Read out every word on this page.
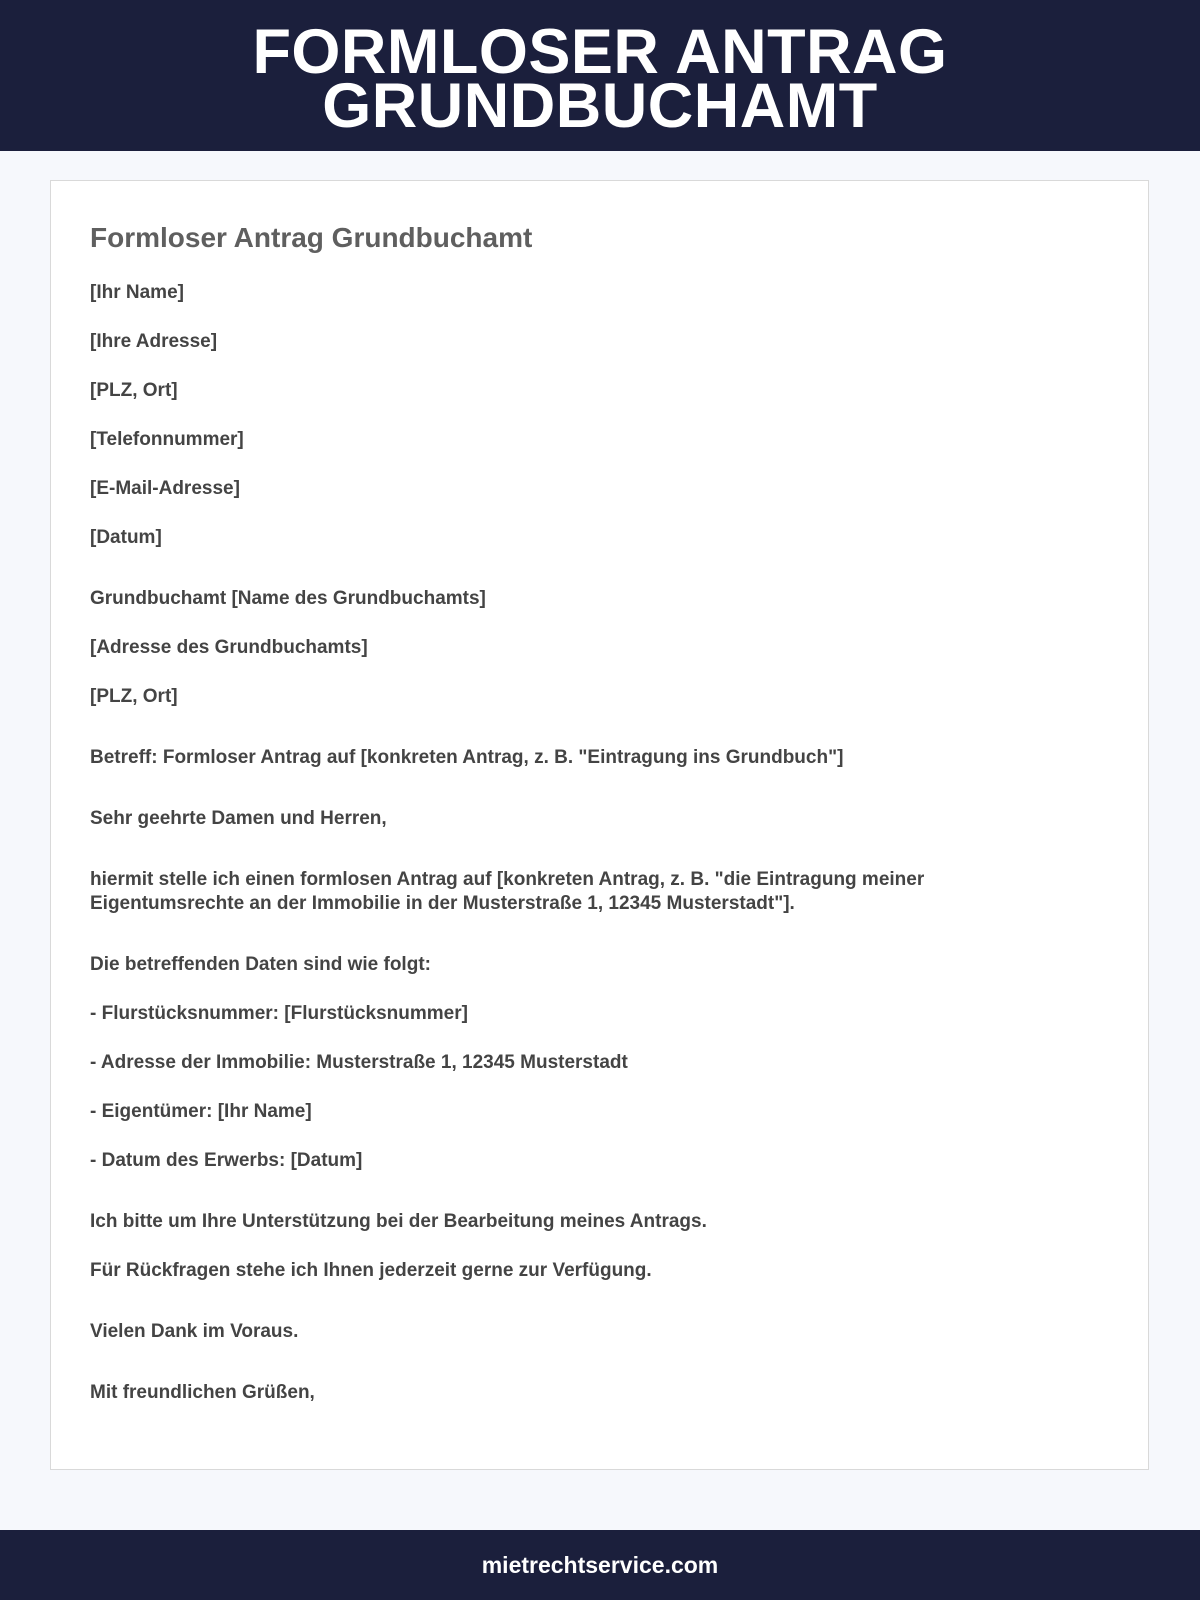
FORMLOSER ANTRAG
GRUNDBUCHAMT
Formloser Antrag Grundbuchamt

[Ihr Name]

[Ihre Adresse]

[PLZ, Ort]

[Telefonnummer]

[E-Mail-Adresse]

[Datum]

Grundbuchamt [Name des Grundbuchamts]

[Adresse des Grundbuchamts]

[PLZ, Ort]

Betreff: Formloser Antrag auf [konkreten Antrag, z. B. "Eintragung ins Grundbuch"]

Sehr geehrte Damen und Herren,

hiermit stelle ich einen formlosen Antrag auf [konkreten Antrag, z. B. "die Eintragung meiner

Eigentumsrechte an der Immobilie in der Musterstraße 1, 12345 Musterstadt"].

Die betreffenden Daten sind wie folgt:

- Flurstücksnummer: [Flurstücksnummer]

- Adresse der Immobilie: Musterstraße 1, 12345 Musterstadt

- Eigentümer: [Ihr Name]

- Datum des Erwerbs: [Datum]

Ich bitte um Ihre Unterstützung bei der Bearbeitung meines Antrags.

Für Rückfragen stehe ich Ihnen jederzeit gerne zur Verfügung.

Vielen Dank im Voraus.

Mit freundlichen Grüßen,

mietrechtservice.com
